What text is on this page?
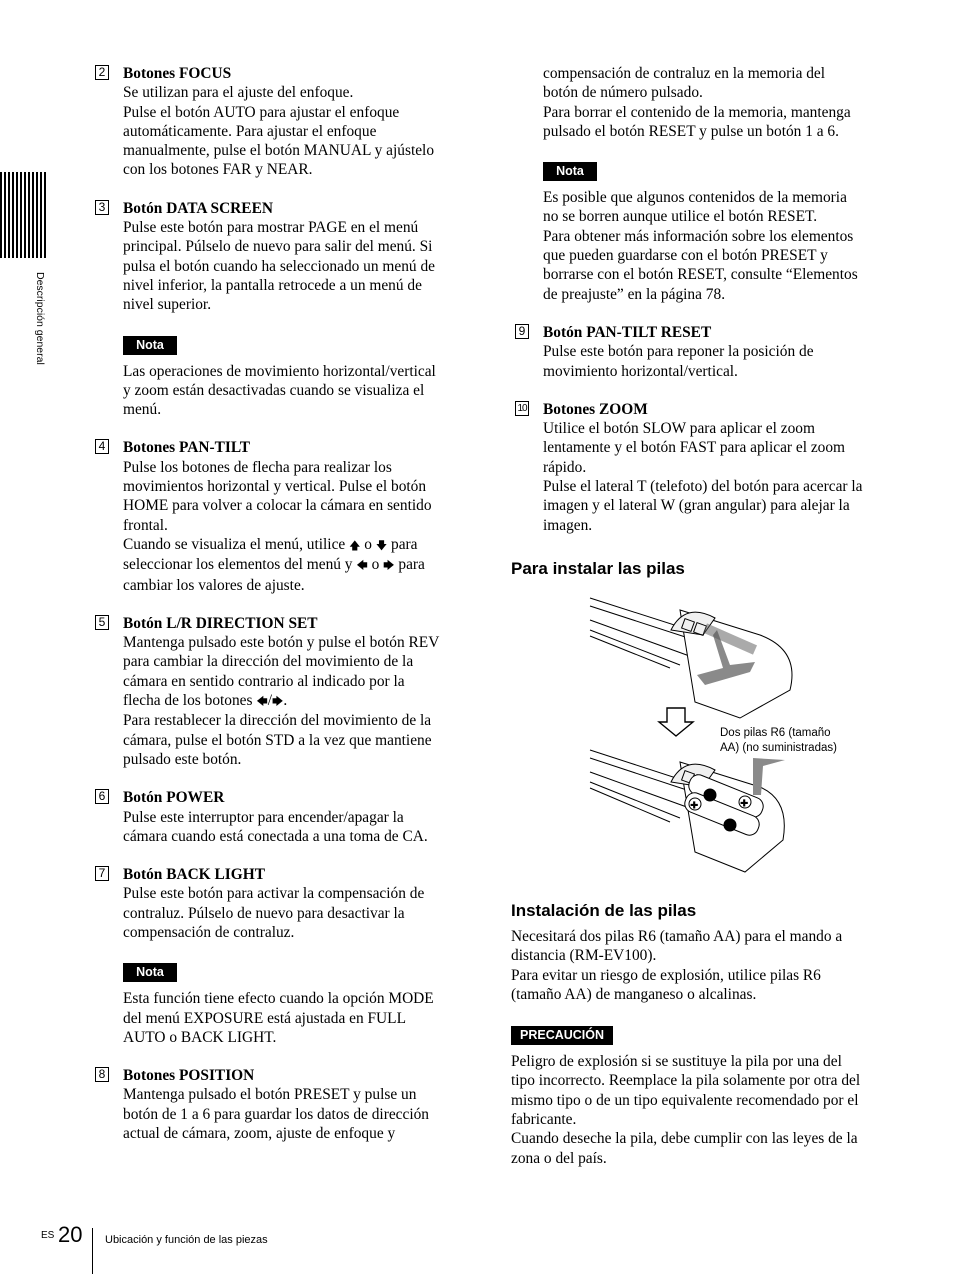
Descripción general
2 Botones FOCUS

Se utilizan para el ajuste del enfoque.
Pulse el botón AUTO para ajustar el enfoque
automáticamente. Para ajustar el enfoque
manualmente, pulse el botón MANUAL y ajústelo
con los botones FAR y NEAR.

3 Botón DATA SCREEN

Pulse este botón para mostrar PAGE en el menú
principal. Púlselo de nuevo para salir del menú. Si
pulsa el botón cuando ha seleccionado un menú de
nivel inferior, la pantalla retrocede a un menú de
nivel superior.

Nota

Las operaciones de movimiento horizontal/vertical
y zoom están desactivadas cuando se visualiza el
menú.

4 Botones PAN-TILT

Pulse los botones de flecha para realizar los
movimientos horizontal y vertical. Pulse el botón
HOME para volver a colocar la cámara en sentido
frontal.

Cuando se visualiza el menú, utilice 🡅 o 🡇 para

seleccionar los elementos del menú y 🡄 o 🡆 para

cambiar los valores de ajuste.

5 Botón L/R DIRECTION SET

Mantenga pulsado este botón y pulse el botón REV
para cambiar la dirección del movimiento de la
cámara en sentido contrario al indicado por la

flecha de los botones 🡄/🡆.

Para restablecer la dirección del movimiento de la
cámara, pulse el botón STD a la vez que mantiene
pulsado este botón.

6 Botón POWER

Pulse este interruptor para encender/apagar la
cámara cuando está conectada a una toma de CA.

7 Botón BACK LIGHT

Pulse este botón para activar la compensación de
contraluz. Púlselo de nuevo para desactivar la
compensación de contraluz.

Nota

Esta función tiene efecto cuando la opción MODE
del menú EXPOSURE está ajustada en FULL
AUTO o BACK LIGHT.

8 Botones POSITION

Mantenga pulsado el botón PRESET y pulse un
botón de 1 a 6 para guardar los datos de dirección
actual de cámara, zoom, ajuste de enfoque y

compensación de contraluz en la memoria del
botón de número pulsado.
Para borrar el contenido de la memoria, mantenga
pulsado el botón RESET y pulse un botón 1 a 6.

Nota

Es posible que algunos contenidos de la memoria
no se borren aunque utilice el botón RESET.
Para obtener más información sobre los elementos
que pueden guardarse con el botón PRESET y
borrarse con el botón RESET, consulte “Elementos
de preajuste” en la página 78.

9 Botón PAN-TILT RESET

Pulse este botón para reponer la posición de
movimiento horizontal/vertical.

10 Botones ZOOM

Utilice el botón SLOW para aplicar el zoom
lentamente y el botón FAST para aplicar el zoom
rápido.
Pulse el lateral T (telefoto) del botón para acercar la
imagen y el lateral W (gran angular) para alejar la
imagen.

Para instalar las pilas
+	+
Dos pilas R6 (tamaño
AA) (no suministradas)
Instalación de las pilas

Necesitará dos pilas R6 (tamaño AA) para el mando a
distancia (RM-EV100).
Para evitar un riesgo de explosión, utilice pilas R6
(tamaño AA) de manganeso o alcalinas.

PRECAUCIÓN

Peligro de explosión si se sustituye la pila por una del
tipo incorrecto. Reemplace la pila solamente por otra del
mismo tipo o de un tipo equivalente recomendado por el
fabricante.
Cuando deseche la pila, debe cumplir con las leyes de la
zona o del país.

ES 20 Ubicación y función de las piezas
